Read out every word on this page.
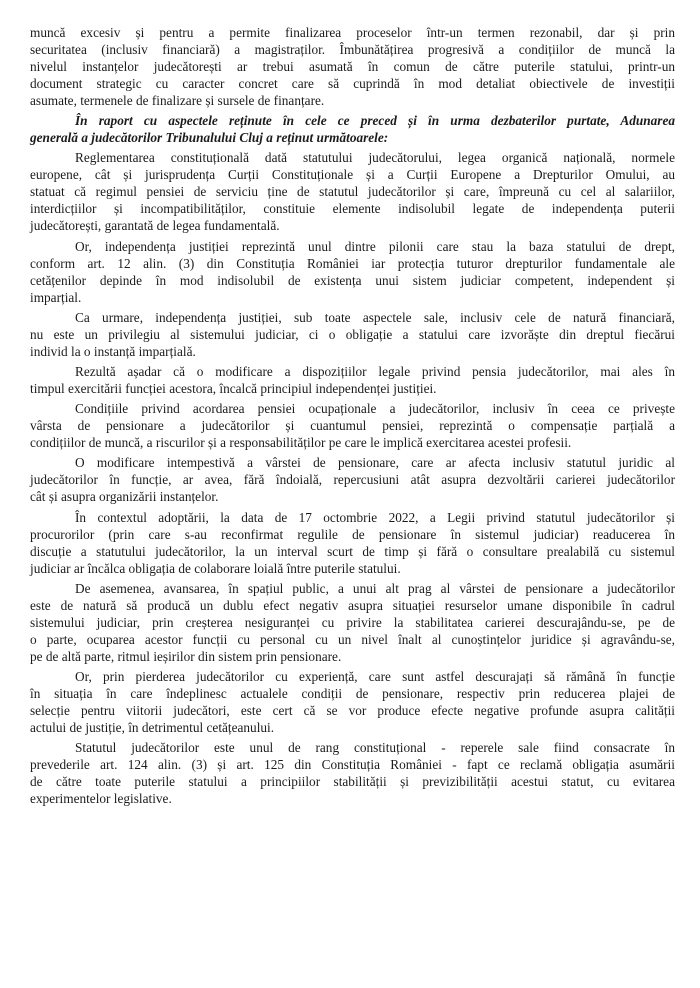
muncă excesiv și pentru a permite finalizarea proceselor într-un termen rezonabil, dar și prin
securitatea (inclusiv financiară) a magistraților. Îmbunătățirea progresivă a condițiilor de muncă la
nivelul instanțelor judecătorești ar trebui asumată în comun de către puterile statului, printr-un
document strategic cu caracter concret care să cuprindă în mod detaliat obiectivele de investiții
asumate, termenele de finalizare și sursele de finanțare.
În raport cu aspectele reținute în cele ce preced și în urma dezbaterilor purtate, Adunarea
generală a judecătorilor Tribunalului Cluj a reținut următoarele:
Reglementarea constituțională dată statutului judecătorului, legea organică națională, normele
europene, cât și jurisprudența Curții Constituționale și a Curții Europene a Drepturilor Omului, au
statuat că regimul pensiei de serviciu ține de statutul judecătorilor și care, împreună cu cel al salariilor,
interdicțiilor și incompatibilităților, constituie elemente indisolubil legate de independența puterii
judecătorești, garantată de legea fundamentală.
Or, independența justiției reprezintă unul dintre pilonii care stau la baza statului de drept,
conform art. 12 alin. (3) din Constituția României iar protecția tuturor drepturilor fundamentale ale
cetățenilor depinde în mod indisolubil de existența unui sistem judiciar competent, independent și
imparțial.
Ca urmare, independența justiției, sub toate aspectele sale, inclusiv cele de natură financiară,
nu este un privilegiu al sistemului judiciar, ci o obligație a statului care izvorăște din dreptul fiecărui
individ la o instanță imparțială.
Rezultă așadar că o modificare a dispozițiilor legale privind pensia judecătorilor, mai ales în
timpul exercitării funcției acestora, încalcă principiul independenței justiției.
Condițiile privind acordarea pensiei ocupaționale a judecătorilor, inclusiv în ceea ce privește
vârsta de pensionare a judecătorilor și cuantumul pensiei, reprezintă o compensație parțială a
condițiilor de muncă, a riscurilor și a responsabilităților pe care le implică exercitarea acestei profesii.
O modificare intempestivă a vârstei de pensionare, care ar afecta inclusiv statutul juridic al
judecătorilor în funcție, ar avea, fără îndoială, repercusiuni atât asupra dezvoltării carierei judecătorilor
cât și asupra organizării instanțelor.
În contextul adoptării, la data de 17 octombrie 2022, a Legii privind statutul judecătorilor și
procurorilor (prin care s-au reconfirmat regulile de pensionare în sistemul judiciar) readucerea în
discuție a statutului judecătorilor, la un interval scurt de timp și fără o consultare prealabilă cu sistemul
judiciar ar încălca obligația de colaborare loială între puterile statului.
De asemenea, avansarea, în spațiul public, a unui alt prag al vârstei de pensionare a judecătorilor
este de natură să producă un dublu efect negativ asupra situației resurselor umane disponibile în cadrul
sistemului judiciar, prin creșterea nesiguranței cu privire la stabilitatea carierei descurajându-se, pe de
o parte, ocuparea acestor funcții cu personal cu un nivel înalt al cunoștințelor juridice și agravându-se,
pe de altă parte, ritmul ieșirilor din sistem prin pensionare.
Or, prin pierderea judecătorilor cu experiență, care sunt astfel descurajați să rămână în funcție
în situația în care îndeplinesc actualele condiții de pensionare, respectiv prin reducerea plajei de
selecție pentru viitorii judecători, este cert că se vor produce efecte negative profunde asupra calității
actului de justiție, în detrimentul cetățeanului.
Statutul judecătorilor este unul de rang constituțional - reperele sale fiind consacrate în
prevederile art. 124 alin. (3) și art. 125 din Constituția României - fapt ce reclamă obligația asumării
de către toate puterile statului a principiilor stabilității și previzibilității acestui statut, cu evitarea
experimentelor legislative.
